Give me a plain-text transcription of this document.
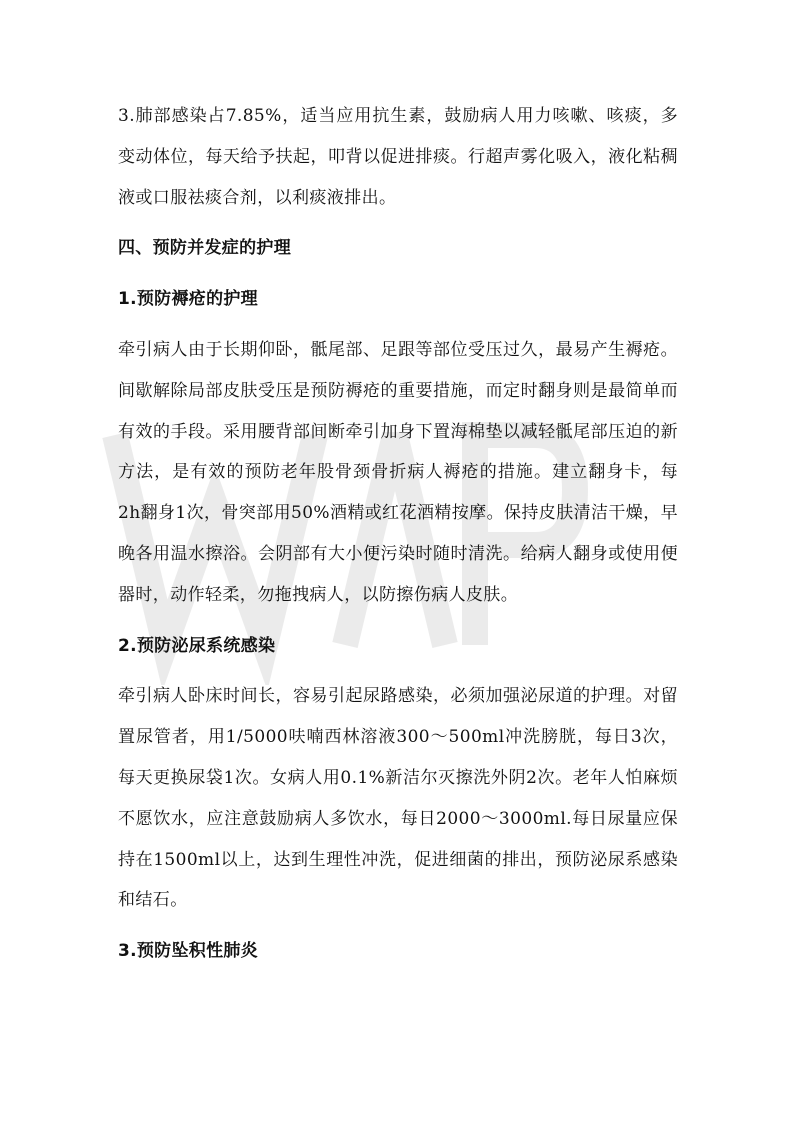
3.肺部感染占7.85%，适当应用抗生素，鼓励病人用力咳嗽、咳痰，多变动体位，每天给予扶起，叩背以促进排痰。行超声雾化吸入，液化粘稠液或口服祛痰合剂，以利痰液排出。

四、预防并发症的护理

1.预防褥疮的护理

牵引病人由于长期仰卧，骶尾部、足跟等部位受压过久，最易产生褥疮。间歇解除局部皮肤受压是预防褥疮的重要措施，而定时翻身则是最简单而有效的手段。采用腰背部间断牵引加身下置海棉垫以减轻骶尾部压迫的新方法，是有效的预防老年股骨颈骨折病人褥疮的措施。建立翻身卡，每2h翻身1次，骨突部用50%酒精或红花酒精按摩。保持皮肤清洁干燥，早晚各用温水擦浴。会阴部有大小便污染时随时清洗。给病人翻身或使用便器时，动作轻柔，勿拖拽病人，以防擦伤病人皮肤。

2.预防泌尿系统感染

牵引病人卧床时间长，容易引起尿路感染，必须加强泌尿道的护理。对留置尿管者，用1/5000呋喃西林溶液300～500ml冲洗膀胱，每日3次，每天更换尿袋1次。女病人用0.1%新洁尔灭擦洗外阴2次。老年人怕麻烦不愿饮水，应注意鼓励病人多饮水，每日2000～3000ml.每日尿量应保持在1500ml以上，达到生理性冲洗，促进细菌的排出，预防泌尿系感染和结石。

3.预防坠积性肺炎
